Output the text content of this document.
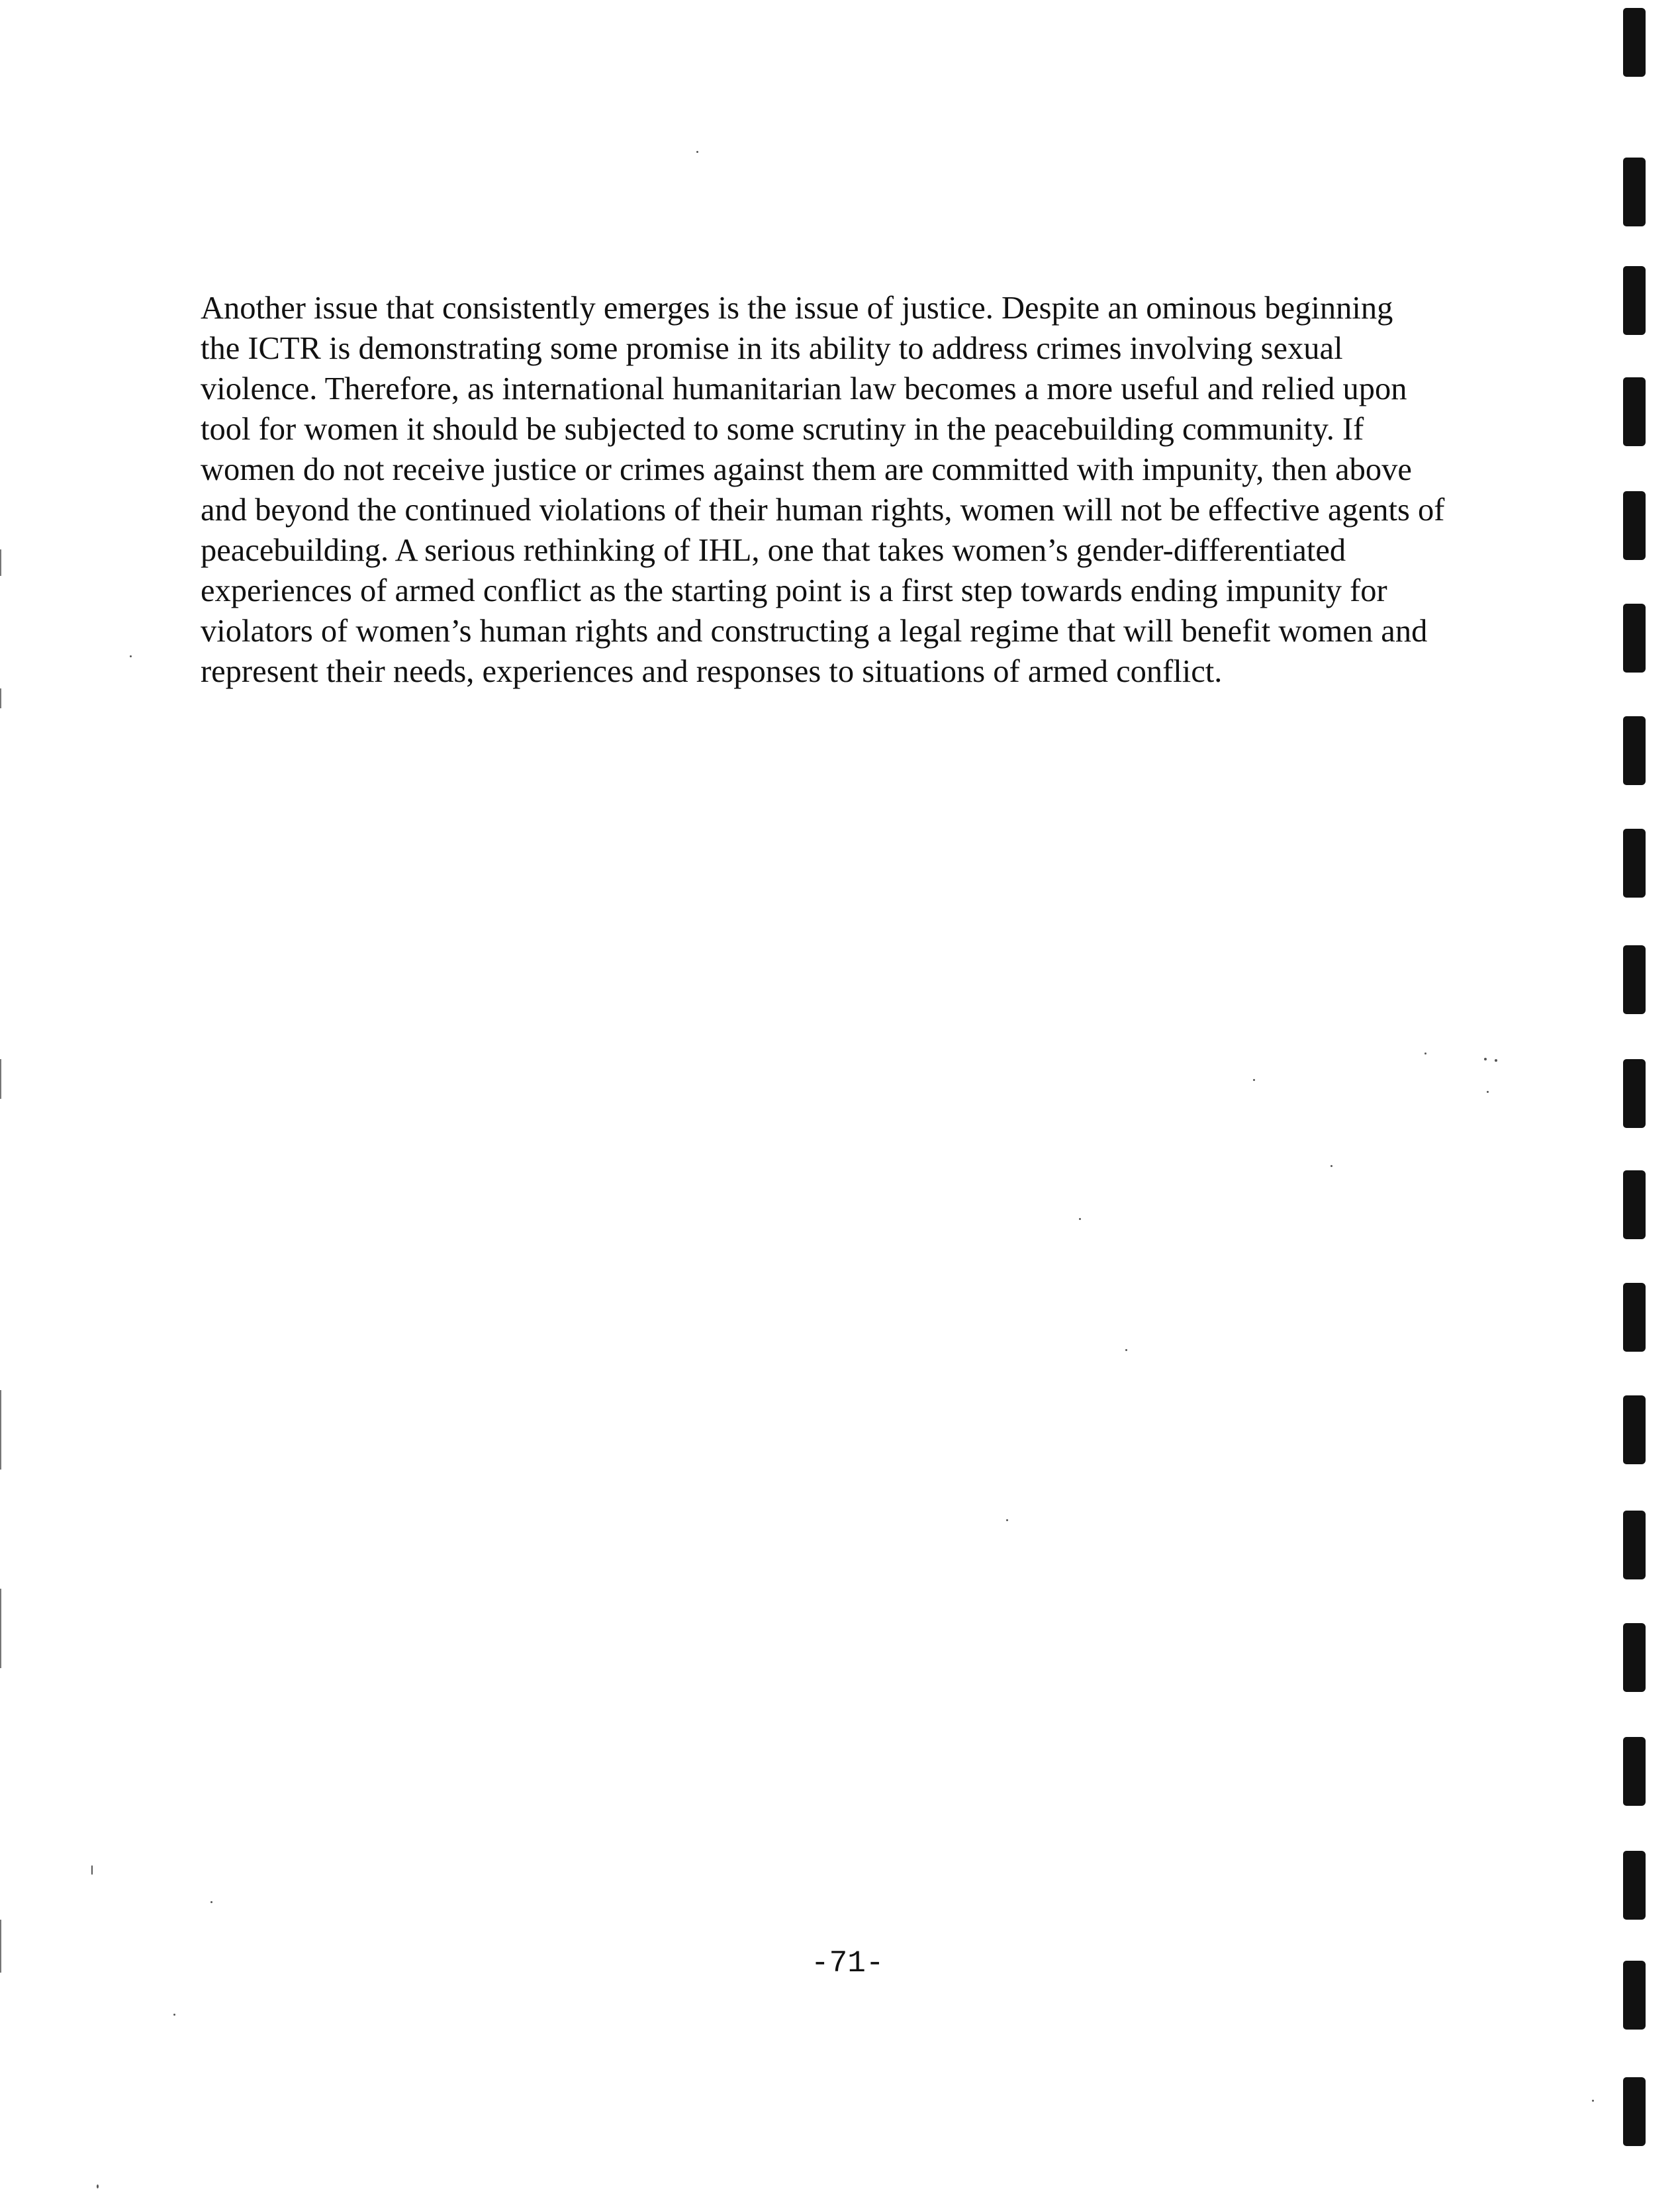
Another issue that consistently emerges is the issue of justice. Despite an ominous beginning
the ICTR is demonstrating some promise in its ability to address crimes involving sexual
violence. Therefore, as international humanitarian law becomes a more useful and relied upon
tool for women it should be subjected to some scrutiny in the peacebuilding community. If
women do not receive justice or crimes against them are committed with impunity, then above
and beyond the continued violations of their human rights, women will not be effective agents of
peacebuilding. A serious rethinking of IHL, one that takes women’s gender-differentiated
experiences of armed conflict as the starting point is a first step towards ending impunity for
violators of women’s human rights and constructing a legal regime that will benefit women and
represent their needs, experiences and responses to situations of armed conflict.
-71-
